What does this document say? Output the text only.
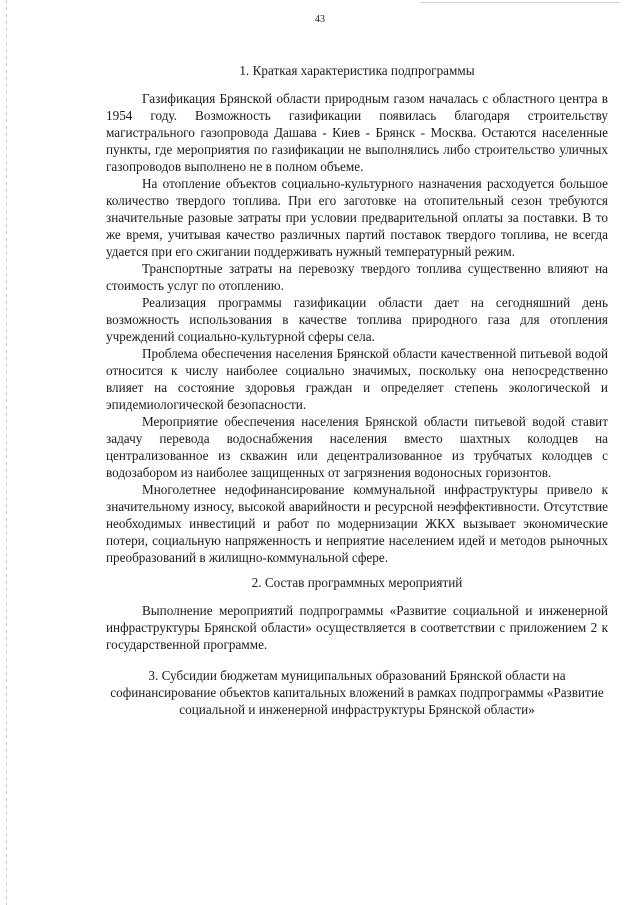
43

1. Краткая характеристика подпрограммы

Газификация Брянской области природным газом началась с областного центра в 1954 году. Возможность газификации появилась благодаря строительству магистрального газопровода Дашава - Киев - Брянск - Москва. Остаются населенные пункты, где мероприятия по газификации не выполнялись либо строительство уличных газопроводов выполнено не в полном объеме.

На отопление объектов социально-культурного назначения расходуется большое количество твердого топлива. При его заготовке на отопительный сезон требуются значительные разовые затраты при условии предварительной оплаты за поставки. В то же время, учитывая качество различных партий поставок твердого топлива, не всегда удается при его сжигании поддерживать нужный температурный режим.

Транспортные затраты на перевозку твердого топлива существенно влияют на стоимость услуг по отоплению.

Реализация программы газификации области дает на сегодняшний день возможность использования в качестве топлива природного газа для отопления учреждений социально-культурной сферы села.

Проблема обеспечения населения Брянской области качественной питьевой водой относится к числу наиболее социально значимых, поскольку она непосредственно влияет на состояние здоровья граждан и определяет степень экологической и эпидемиологической безопасности.

Мероприятие обеспечения населения Брянской области питьевой водой ставит задачу перевода водоснабжения населения вместо шахтных колодцев на централизованное из скважин или децентрализованное из трубчатых колодцев с водозабором из наиболее защищенных от загрязнения водоносных горизонтов.

Многолетнее недофинансирование коммунальной инфраструктуры привело к значительному износу, высокой аварийности и ресурсной неэффективности. Отсутствие необходимых инвестиций и работ по модернизации ЖКХ вызывает экономические потери, социальную напряженность и неприятие населением идей и методов рыночных преобразований в жилищно-коммунальной сфере.

2. Состав программных мероприятий

Выполнение мероприятий подпрограммы «Развитие социальной и инженерной инфраструктуры Брянской области» осуществляется в соответствии с приложением 2 к государственной программе.

3. Субсидии бюджетам муниципальных образований Брянской области на софинансирование объектов капитальных вложений в рамках подпрограммы «Развитие социальной и инженерной инфраструктуры Брянской области»
